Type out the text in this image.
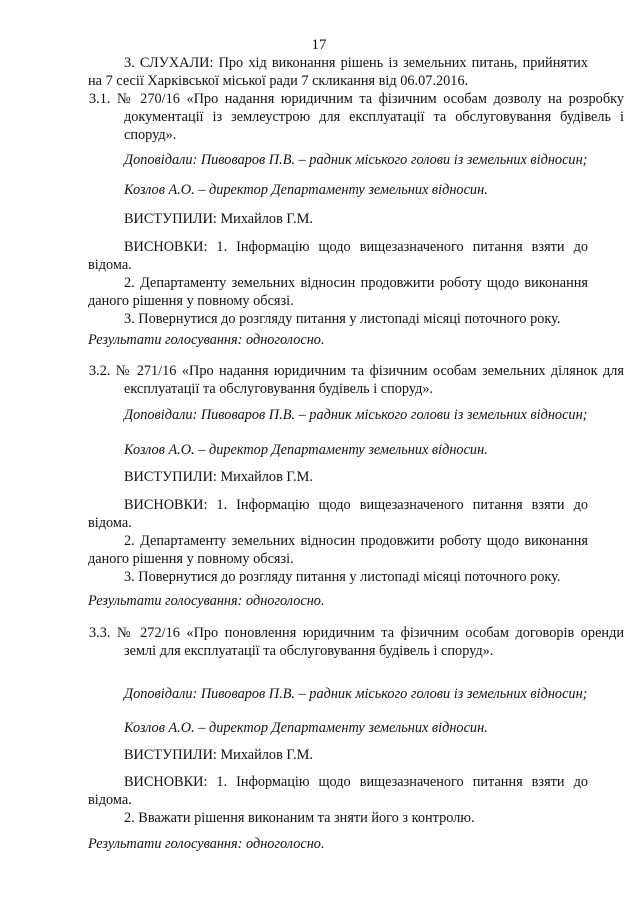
17

3. СЛУХАЛИ: Про хід виконання рішень із земельних питань, прийнятих на 7 сесії Харківської міської ради 7 скликання від 06.07.2016.

3.1. № 270/16 «Про надання юридичним та фізичним особам дозволу на розробку документації із землеустрою для експлуатації та обслуговування будівель і споруд».

Доповідали: Пивоваров П.В. – радник міського голови із земельних відносин;

Козлов А.О. – директор Департаменту земельних відносин.

ВИСТУПИЛИ: Михайлов Г.М.

ВИСНОВКИ: 1. Інформацію щодо вищезазначеного питання взяти до відома.

2. Департаменту земельних відносин продовжити роботу щодо виконання даного рішення у повному обсязі.

3. Повернутися до розгляду питання у листопаді місяці поточного року.

Результати голосування: одноголосно.

3.2. № 271/16 «Про надання юридичним та фізичним особам земельних ділянок для експлуатації та обслуговування будівель і споруд».

Доповідали: Пивоваров П.В. – радник міського голови із земельних відносин;

Козлов А.О. – директор Департаменту земельних відносин.

ВИСТУПИЛИ: Михайлов Г.М.

ВИСНОВКИ: 1. Інформацію щодо вищезазначеного питання взяти до відома.

2. Департаменту земельних відносин продовжити роботу щодо виконання даного рішення у повному обсязі.

3. Повернутися до розгляду питання у листопаді місяці поточного року.

Результати голосування: одноголосно.

3.3. № 272/16 «Про поновлення юридичним та фізичним особам договорів оренди землі для експлуатації та обслуговування будівель і споруд».

Доповідали: Пивоваров П.В. – радник міського голови із земельних відносин;

Козлов А.О. – директор Департаменту земельних відносин.

ВИСТУПИЛИ: Михайлов Г.М.

ВИСНОВКИ: 1. Інформацію щодо вищезазначеного питання взяти до відома.

2. Вважати рішення виконаним та зняти його з контролю.

Результати голосування: одноголосно.
